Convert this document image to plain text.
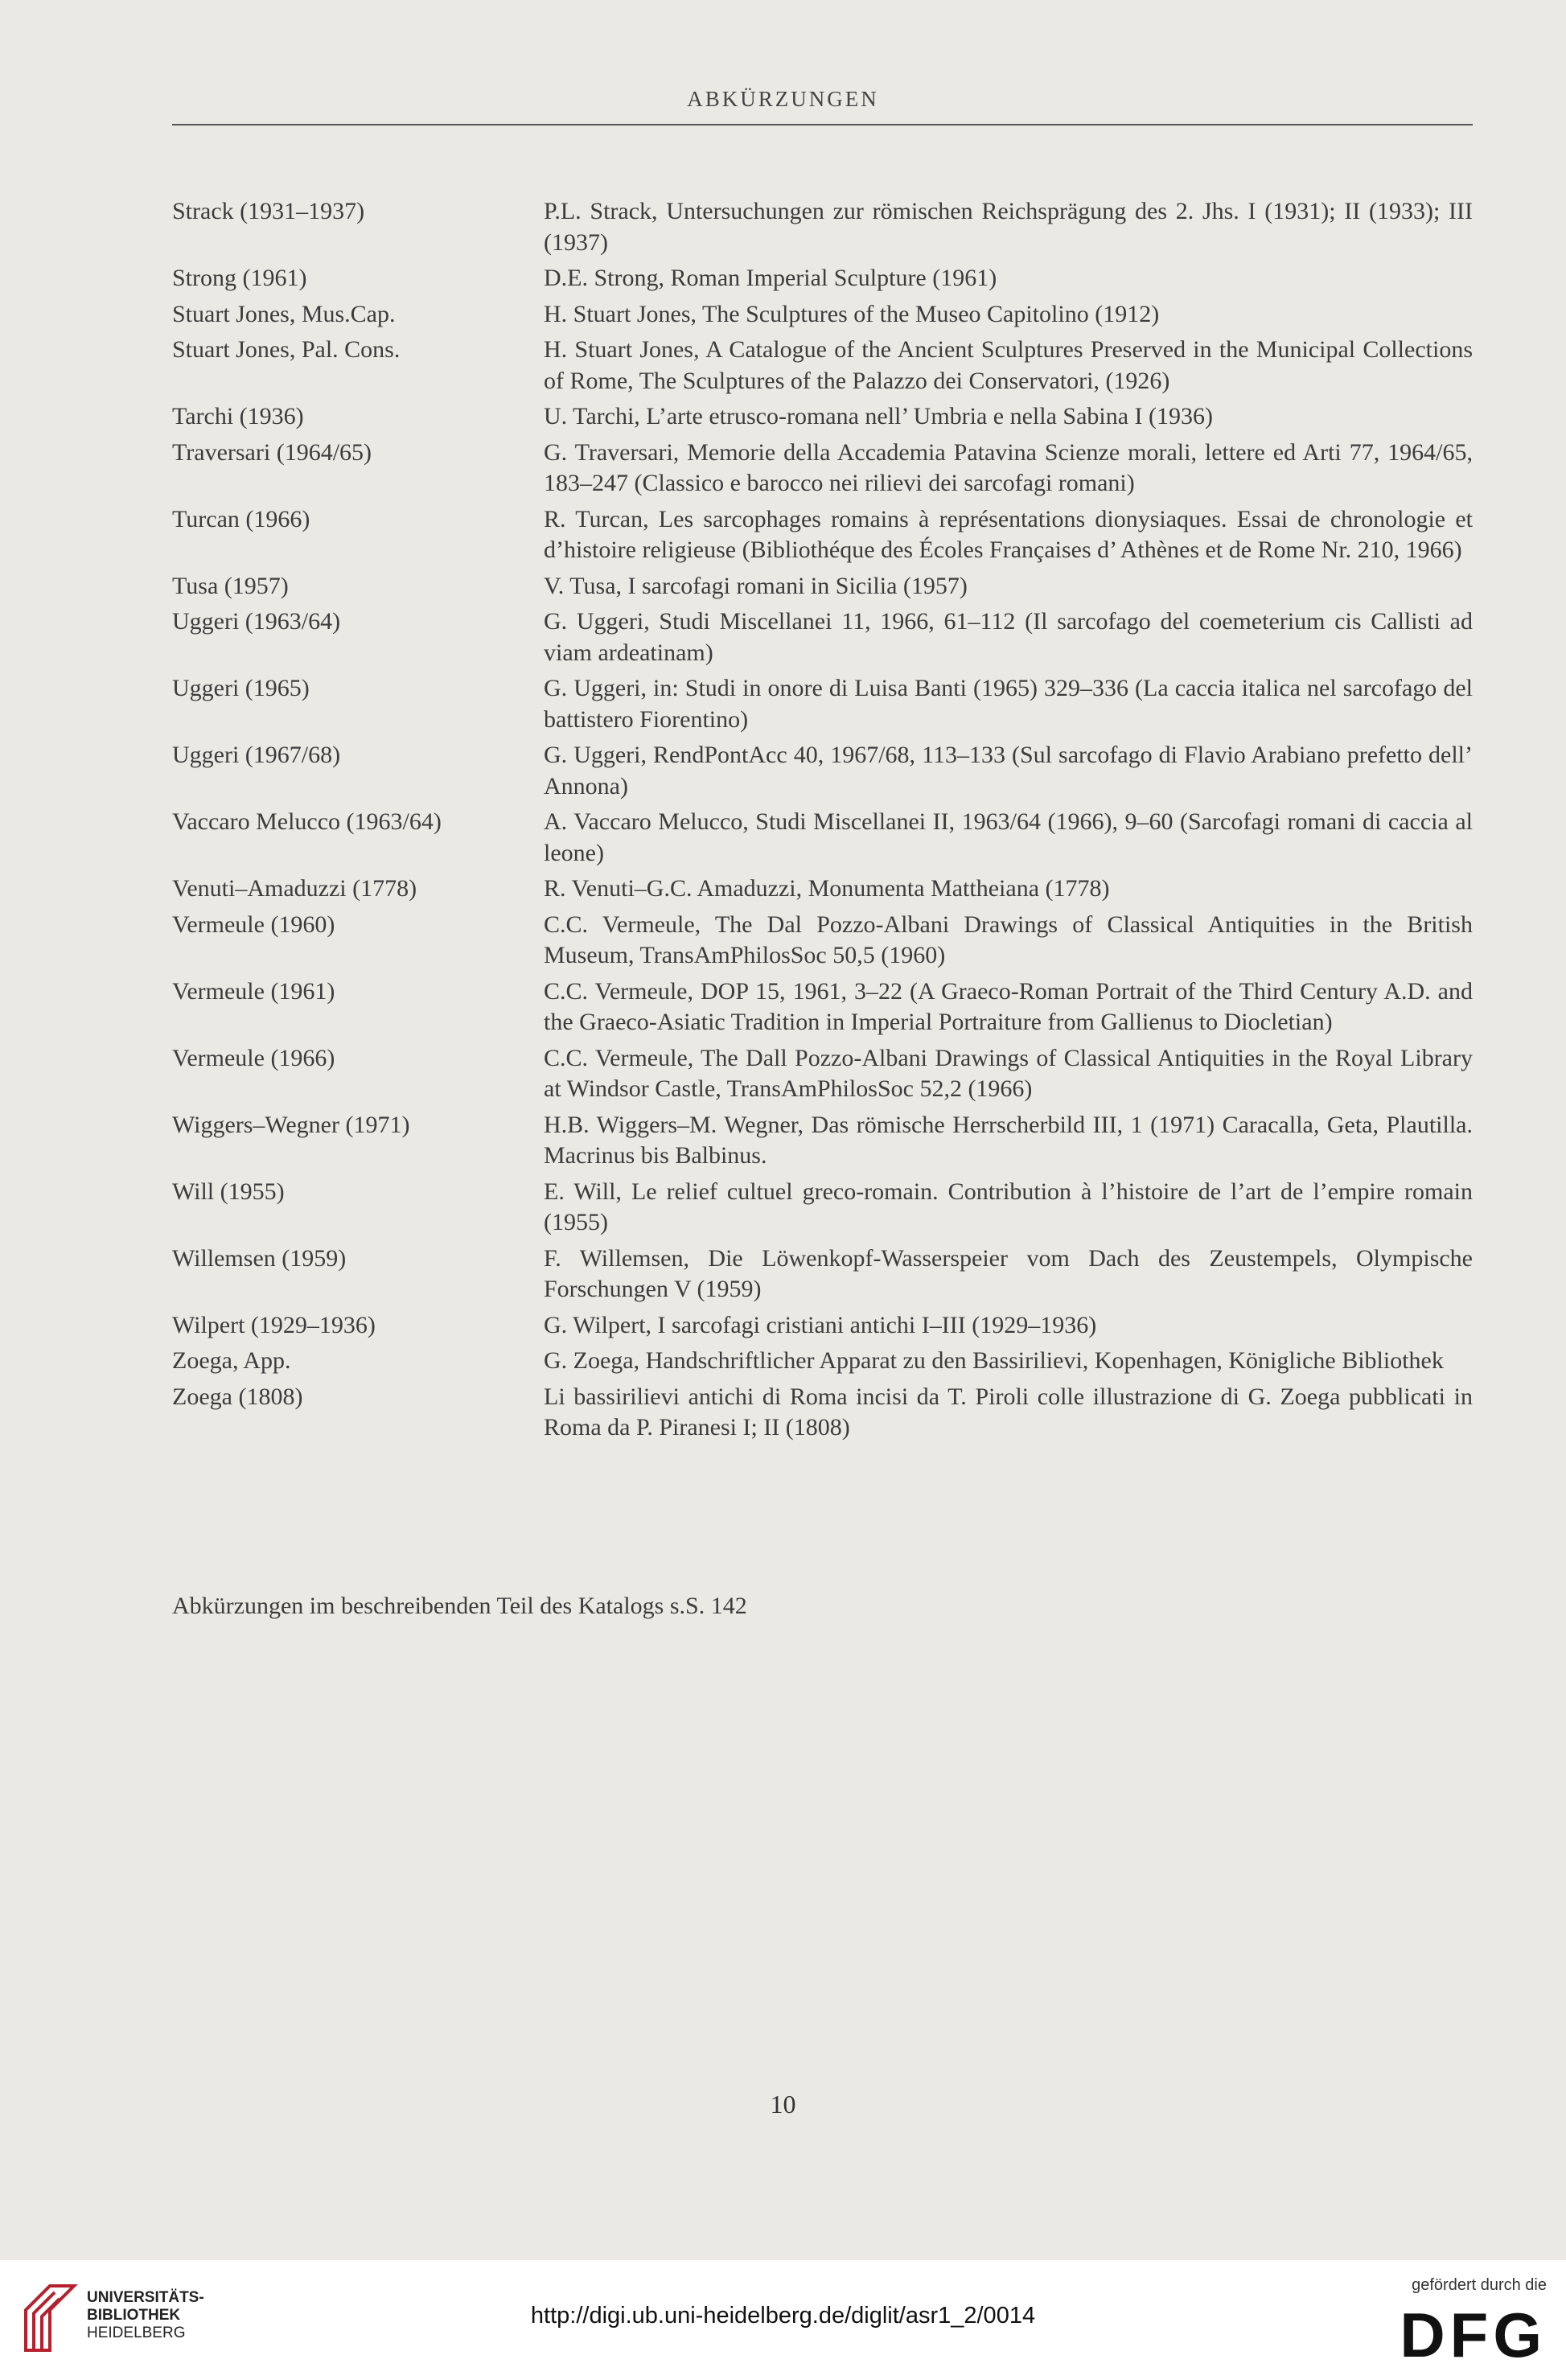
ABKÜRZUNGEN
Strack (1931–1937)	P.L. Strack, Untersuchungen zur römischen Reichsprägung des 2. Jhs. I (1931); II (1933); III (1937)
Strong (1961)	D.E. Strong, Roman Imperial Sculpture (1961)
Stuart Jones, Mus.Cap.	H. Stuart Jones, The Sculptures of the Museo Capitolino (1912)
Stuart Jones, Pal. Cons.	H. Stuart Jones, A Catalogue of the Ancient Sculptures Preserved in the Municipal Collections of Rome, The Sculptures of the Palazzo dei Conservatori, (1926)
Tarchi (1936)	U. Tarchi, L’arte etrusco-romana nell’ Umbria e nella Sabina I (1936)
Traversari (1964/65)	G. Traversari, Memorie della Accademia Patavina Scienze morali, lettere ed Arti 77, 1964/65, 183–247 (Classico e barocco nei rilievi dei sarcofagi romani)
Turcan (1966)	R. Turcan, Les sarcophages romains à représentations dionysiaques. Essai de chronologie et d’histoire religieuse (Bibliothéque des Écoles Françaises d’ Athènes et de Rome Nr. 210, 1966)
Tusa (1957)	V. Tusa, I sarcofagi romani in Sicilia (1957)
Uggeri (1963/64)	G. Uggeri, Studi Miscellanei 11, 1966, 61–112 (Il sarcofago del coemeterium cis Callisti ad viam ardeatinam)
Uggeri (1965)	G. Uggeri, in: Studi in onore di Luisa Banti (1965) 329–336 (La caccia italica nel sarcofago del battistero Fiorentino)
Uggeri (1967/68)	G. Uggeri, RendPontAcc 40, 1967/68, 113–133 (Sul sarcofago di Flavio Arabiano prefetto dell’ Annona)
Vaccaro Melucco (1963/64)	A. Vaccaro Melucco, Studi Miscellanei II, 1963/64 (1966), 9–60 (Sarcofagi romani di caccia al leone)
Venuti–Amaduzzi (1778)	R. Venuti–G.C. Amaduzzi, Monumenta Mattheiana (1778)
Vermeule (1960)	C.C. Vermeule, The Dal Pozzo-Albani Drawings of Classical Antiquities in the British Museum, TransAmPhilosSoc 50,5 (1960)
Vermeule (1961)	C.C. Vermeule, DOP 15, 1961, 3–22 (A Graeco-Roman Portrait of the Third Century A.D. and the Graeco-Asiatic Tradition in Imperial Portraiture from Gallienus to Diocletian)
Vermeule (1966)	C.C. Vermeule, The Dall Pozzo-Albani Drawings of Classical Antiquities in the Royal Library at Windsor Castle, TransAmPhilosSoc 52,2 (1966)
Wiggers–Wegner (1971)	H.B. Wiggers–M. Wegner, Das römische Herrscherbild III, 1 (1971) Caracalla, Geta, Plautilla. Macrinus bis Balbinus.
Will (1955)	E. Will, Le relief cultuel greco-romain. Contribution à l’histoire de l’art de l’empire romain (1955)
Willemsen (1959)	F. Willemsen, Die Löwenkopf-Wasserspeier vom Dach des Zeustempels, Olympische Forschungen V (1959)
Wilpert (1929–1936)	G. Wilpert, I sarcofagi cristiani antichi I–III (1929–1936)
Zoega, App.	G. Zoega, Handschriftlicher Apparat zu den Bassirilievi, Kopenhagen, Königliche Bibliothek
Zoega (1808)	Li bassirilievi antichi di Roma incisi da T. Piroli colle illustrazione di G. Zoega pubblicati in Roma da P. Piranesi I; II (1808)
Abkürzungen im beschreibenden Teil des Katalogs s.S. 142
10
UNIVERSITÄTS-
BIBLIOTHEK
HEIDELBERG
http://digi.ub.uni-heidelberg.de/diglit/asr1_2/0014
gefördert durch die
DFG
